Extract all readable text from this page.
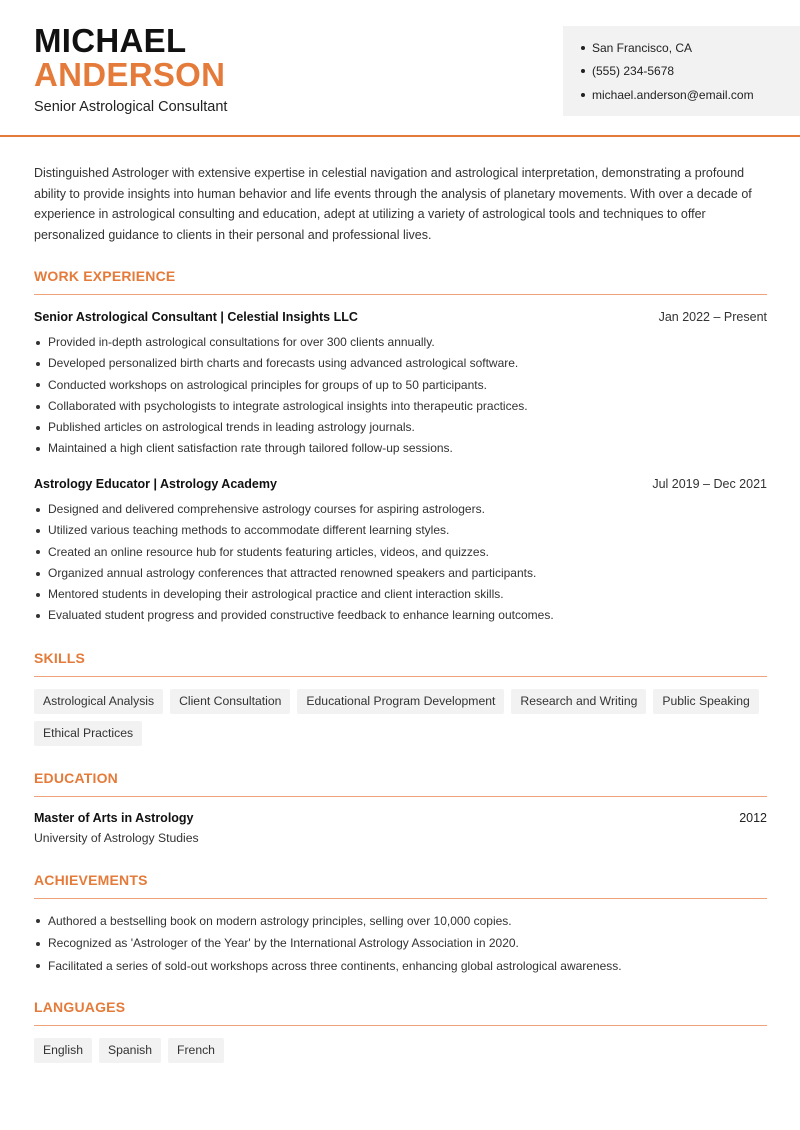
MICHAEL
ANDERSON
Senior Astrological Consultant
San Francisco, CA
(555) 234-5678
michael.anderson@email.com

Distinguished Astrologer with extensive expertise in celestial navigation and astrological interpretation, demonstrating a profound ability to provide insights into human behavior and life events through the analysis of planetary movements. With over a decade of experience in astrological consulting and education, adept at utilizing a variety of astrological tools and techniques to offer personalized guidance to clients in their personal and professional lives.

WORK EXPERIENCE
Senior Astrological Consultant | Celestial Insights LLC	Jan 2022 – Present
Provided in-depth astrological consultations for over 300 clients annually.
Developed personalized birth charts and forecasts using advanced astrological software.
Conducted workshops on astrological principles for groups of up to 50 participants.
Collaborated with psychologists to integrate astrological insights into therapeutic practices.
Published articles on astrological trends in leading astrology journals.
Maintained a high client satisfaction rate through tailored follow-up sessions.
Astrology Educator | Astrology Academy	Jul 2019 – Dec 2021
Designed and delivered comprehensive astrology courses for aspiring astrologers.
Utilized various teaching methods to accommodate different learning styles.
Created an online resource hub for students featuring articles, videos, and quizzes.
Organized annual astrology conferences that attracted renowned speakers and participants.
Mentored students in developing their astrological practice and client interaction skills.
Evaluated student progress and provided constructive feedback to enhance learning outcomes.
SKILLS
Astrological Analysis	Client Consultation	Educational Program Development	Research and Writing	Public Speaking
Ethical Practices
EDUCATION
Master of Arts in Astrology	2012
University of Astrology Studies
ACHIEVEMENTS
Authored a bestselling book on modern astrology principles, selling over 10,000 copies.
Recognized as 'Astrologer of the Year' by the International Astrology Association in 2020.
Facilitated a series of sold-out workshops across three continents, enhancing global astrological awareness.
LANGUAGES
English	Spanish	French
